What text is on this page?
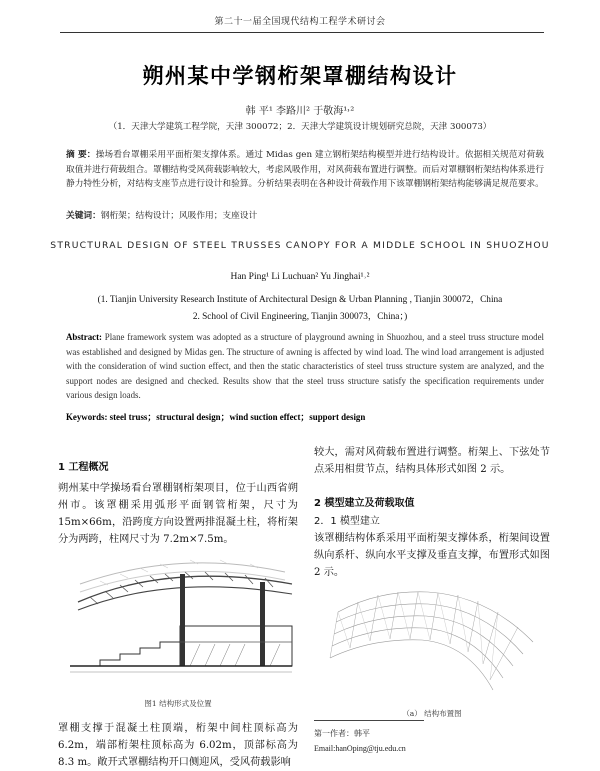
第二十一届全国现代结构工程学术研讨会
朔州某中学钢桁架罩棚结构设计
韩 平¹ 李路川² 于敬海¹˒²
（1．天津大学建筑工程学院，天津 300072；2．天津大学建筑设计规划研究总院，天津 300073）
摘 要：操场看台罩棚采用平面桁架支撑体系。通过 Midas gen 建立钢桁架结构模型并进行结构设计。依据相关规范对荷载取值并进行荷载组合。罩棚结构受风荷载影响较大，考虑风吸作用，对风荷载布置进行调整。而后对罩棚钢桁架结构体系进行静力特性分析，对结构支座节点进行设计和验算。分析结果表明在各种设计荷载作用下该罩棚钢桁架结构能够满足规范要求。
关键词：钢桁架；结构设计；风吸作用；支座设计
STRUCTURAL DESIGN OF STEEL TRUSSES CANOPY FOR A MIDDLE SCHOOL IN SHUOZHOU
Han Ping¹ Li Luchuan² Yu Jinghai¹˒²
(1. Tianjin University Research Institute of Architectural Design & Urban Planning , Tianjin 300072，China
2. School of Civil Engineering, Tianjin 300073，China；)
Abstract: Plane framework system was adopted as a structure of playground awning in Shuozhou, and a steel truss structure model was established and designed by Midas gen. The structure of awning is affected by wind load. The wind load arrangement is adjusted with the consideration of wind suction effect, and then the static characteristics of steel truss structure system are analyzed, and the support nodes are designed and checked. Results show that the steel truss structure satisfy the specification requirements under various design loads.
Keywords: steel truss；structural design；wind suction effect；support design

1 工程概况

朔州某中学操场看台罩棚钢桁架项目，位于山西省朔州市。该罩棚采用弧形平面钢管桁架，尺寸为 15m×66m，沿跨度方向设置两排混凝土柱，将桁架分为两跨，柱网尺寸为 7.2m×7.5m。

图1 结构形式及位置

罩棚支撑于混凝土柱顶端，桁架中间柱顶标高为 6.2m，端部桁架柱顶标高为 6.02m，顶部标高为 8.3 m。敞开式罩棚结构开口侧迎风，受风荷载影响

较大，需对风荷载布置进行调整。桁架上、下弦处节点采用相贯节点，结构具体形式如图 2 示。

2 模型建立及荷载取值

2．1 模型建立

该罩棚结构体系采用平面桁架支撑体系，桁架间设置纵向系杆、纵向水平支撑及垂直支撑，布置形式如图 2 示。

（a） 结构布置图
第一作者：韩平
Email:hanOping@tju.edu.cn
